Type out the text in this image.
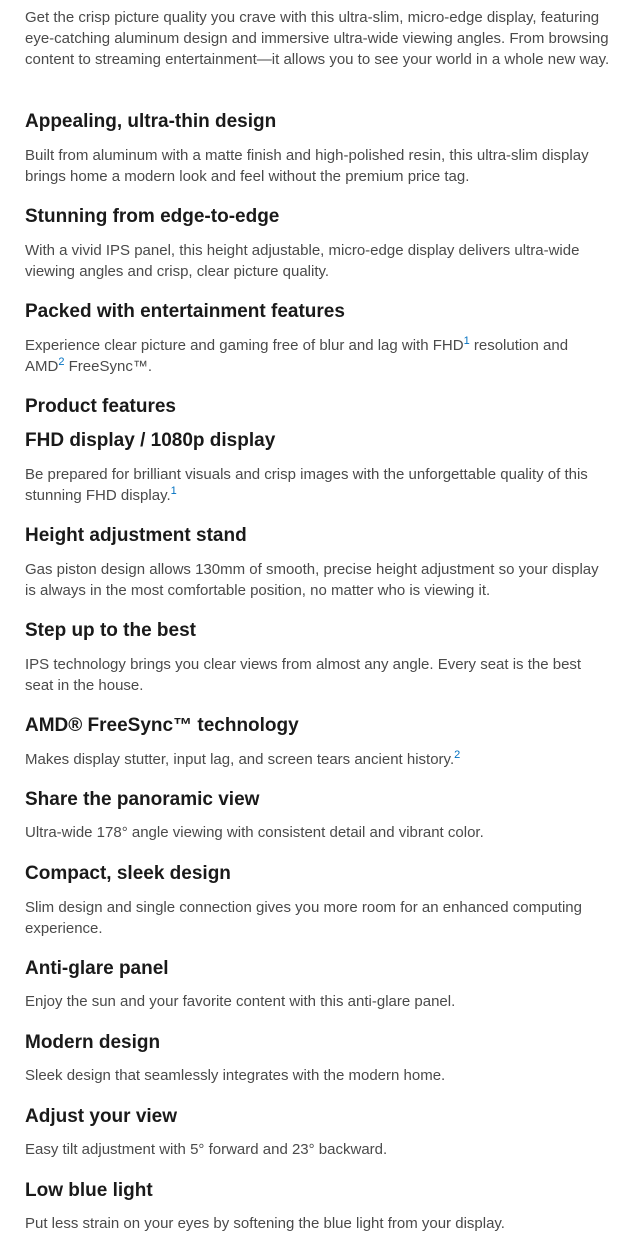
Get the crisp picture quality you crave with this ultra-slim, micro-edge display, featuring eye-catching aluminum design and immersive ultra-wide viewing angles. From browsing content to streaming entertainment—it allows you to see your world in a whole new way.

Appealing, ultra-thin design

Built from aluminum with a matte finish and high-polished resin, this ultra-slim display brings home a modern look and feel without the premium price tag.

Stunning from edge-to-edge

With a vivid IPS panel, this height adjustable, micro-edge display delivers ultra-wide viewing angles and crisp, clear picture quality.

Packed with entertainment features

Experience clear picture and gaming free of blur and lag with FHD$^1$ resolution and AMD$^2$ FreeSync™.

Product features
FHD display / 1080p display

Be prepared for brilliant visuals and crisp images with the unforgettable quality of this stunning FHD display.$^1$

Height adjustment stand

Gas piston design allows 130mm of smooth, precise height adjustment so your display is always in the most comfortable position, no matter who is viewing it.

Step up to the best

IPS technology brings you clear views from almost any angle. Every seat is the best seat in the house.

AMD® FreeSync™ technology

Makes display stutter, input lag, and screen tears ancient history.$^2$

Share the panoramic view

Ultra-wide 178° angle viewing with consistent detail and vibrant color.

Compact, sleek design

Slim design and single connection gives you more room for an enhanced computing experience.

Anti-glare panel

Enjoy the sun and your favorite content with this anti-glare panel.

Modern design

Sleek design that seamlessly integrates with the modern home.

Adjust your view

Easy tilt adjustment with 5° forward and 23° backward.

Low blue light

Put less strain on your eyes by softening the blue light from your display.
